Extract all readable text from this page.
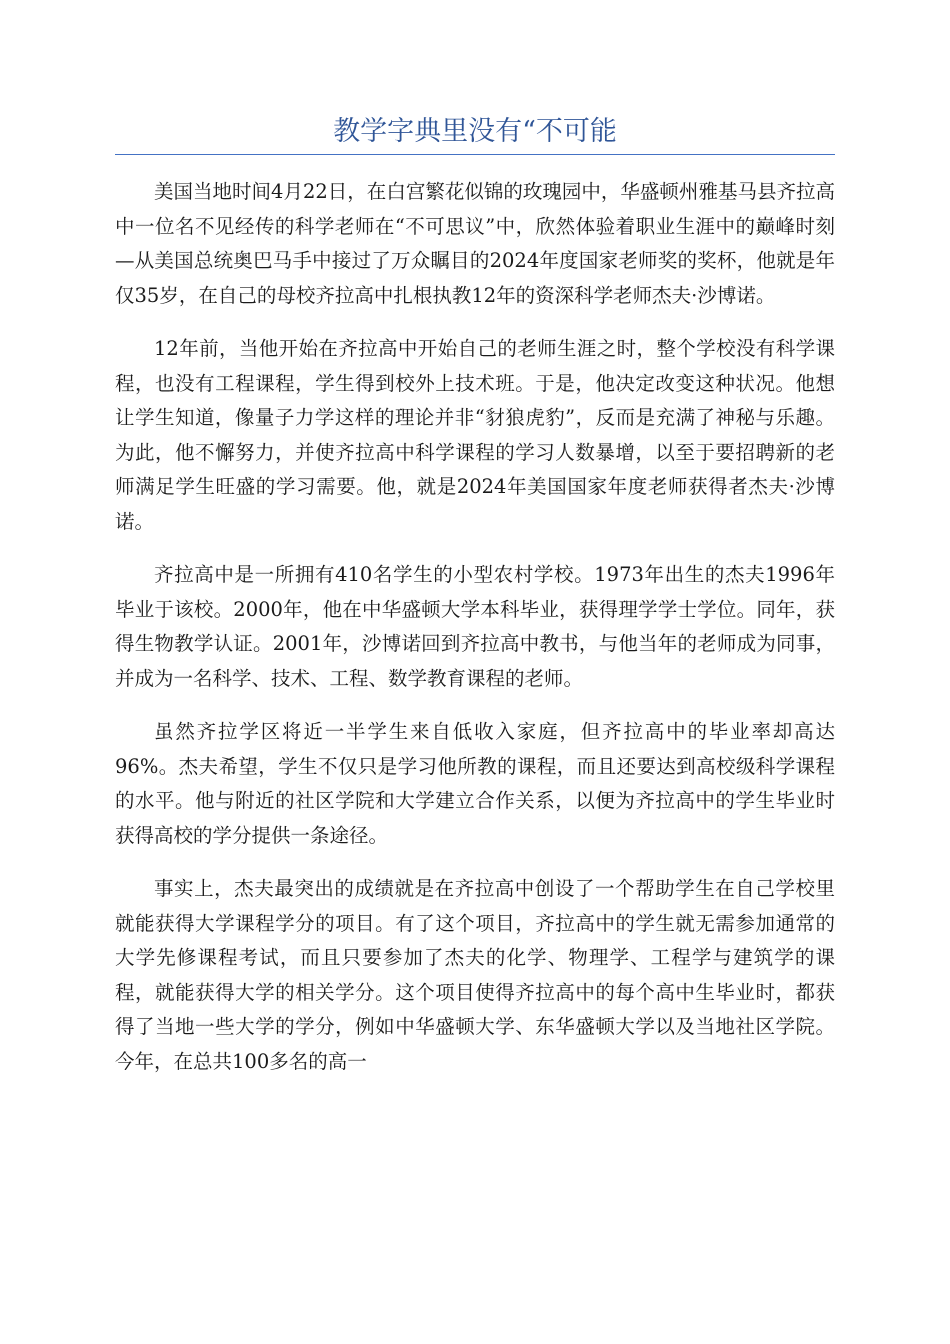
教学字典里没有“不可能

美国当地时间4月22日，在白宫繁花似锦的玫瑰园中，华盛顿州雅基马县齐拉高中一位名不见经传的科学老师在“不可思议”中，欣然体验着职业生涯中的巅峰时刻—从美国总统奥巴马手中接过了万众瞩目的2024年度国家老师奖的奖杯，他就是年仅35岁，在自己的母校齐拉高中扎根执教12年的资深科学老师杰夫·沙博诺。

12年前，当他开始在齐拉高中开始自己的老师生涯之时，整个学校没有科学课程，也没有工程课程，学生得到校外上技术班。于是，他决定改变这种状况。他想让学生知道，像量子力学这样的理论并非“豺狼虎豹”，反而是充满了神秘与乐趣。为此，他不懈努力，并使齐拉高中科学课程的学习人数暴增，以至于要招聘新的老师满足学生旺盛的学习需要。他，就是2024年美国国家年度老师获得者杰夫·沙博诺。

齐拉高中是一所拥有410名学生的小型农村学校。1973年出生的杰夫1996年毕业于该校。2000年，他在中华盛顿大学本科毕业，获得理学学士学位。同年，获得生物教学认证。2001年，沙博诺回到齐拉高中教书，与他当年的老师成为同事，并成为一名科学、技术、工程、数学教育课程的老师。

虽然齐拉学区将近一半学生来自低收入家庭，但齐拉高中的毕业率却高达96%。杰夫希望，学生不仅只是学习他所教的课程，而且还要达到高校级科学课程的水平。他与附近的社区学院和大学建立合作关系，以便为齐拉高中的学生毕业时获得高校的学分提供一条途径。

事实上，杰夫最突出的成绩就是在齐拉高中创设了一个帮助学生在自己学校里就能获得大学课程学分的项目。有了这个项目，齐拉高中的学生就无需参加通常的大学先修课程考试，而且只要参加了杰夫的化学、物理学、工程学与建筑学的课程，就能获得大学的相关学分。这个项目使得齐拉高中的每个高中生毕业时，都获得了当地一些大学的学分，例如中华盛顿大学、东华盛顿大学以及当地社区学院。今年，在总共100多名的高一
